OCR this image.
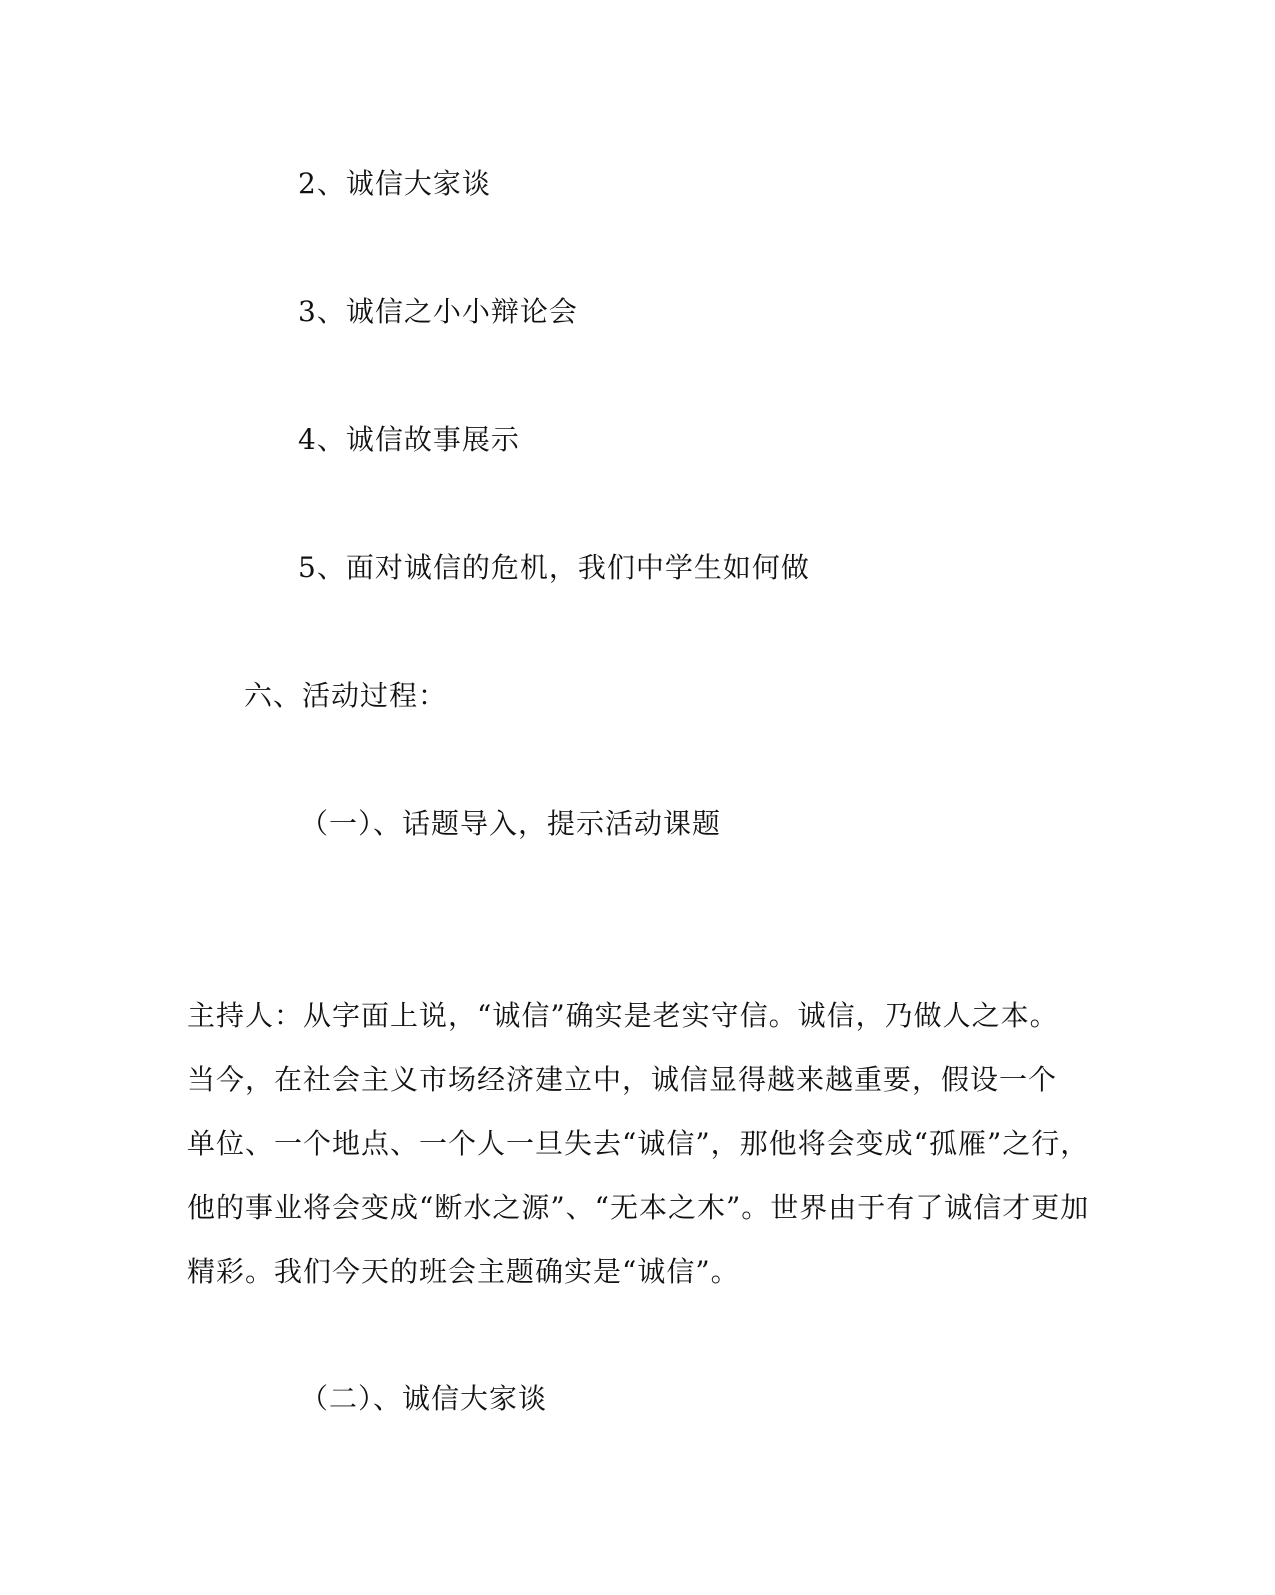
2、诚信大家谈
3、诚信之小小辩论会
4、诚信故事展示
5、面对诚信的危机，我们中学生如何做
六、活动过程：
（一）、话题导入，提示活动课题
主持人：从字面上说，“诚信”确实是老实守信。诚信，乃做人之本。
当今，在社会主义市场经济建立中，诚信显得越来越重要，假设一个
单位、一个地点、一个人一旦失去“诚信”，那他将会变成“孤雁”之行，
他的事业将会变成“断水之源”、“无本之木”。世界由于有了诚信才更加
精彩。我们今天的班会主题确实是“诚信”。
（二）、诚信大家谈
